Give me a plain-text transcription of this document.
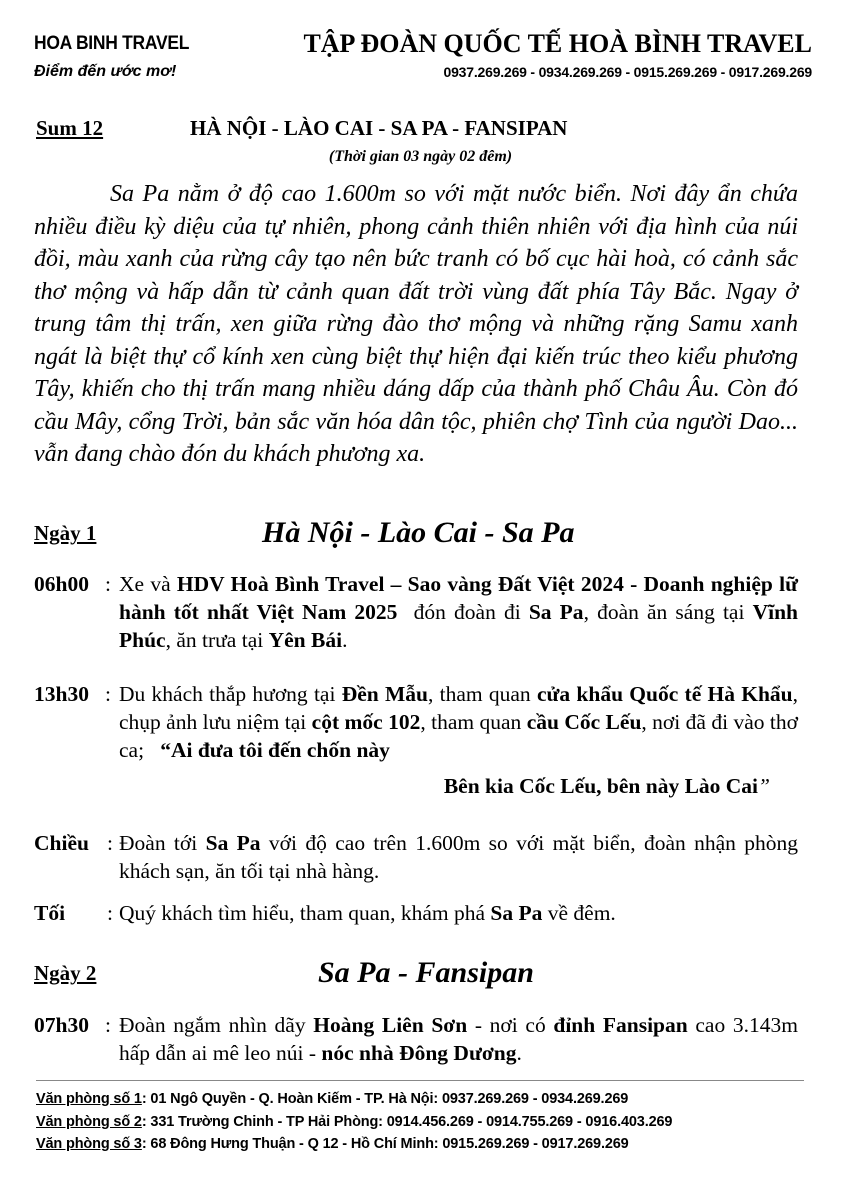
HOA BINH TRAVEL
Điểm đến ước mơ!
TẬP ĐOÀN QUỐC TẾ HOÀ BÌNH TRAVEL
0937.269.269 - 0934.269.269 - 0915.269.269 - 0917.269.269
Sum 12	HÀ NỘI - LÀO CAI - SA PA - FANSIPAN
(Thời gian 03 ngày 02 đêm)
Sa Pa nằm ở độ cao 1.600m so với mặt nước biển. Nơi đây ẩn chứa nhiều điều kỳ diệu của tự nhiên, phong cảnh thiên nhiên với địa hình của núi đồi, màu xanh của rừng cây tạo nên bức tranh có bố cục hài hoà, có cảnh sắc thơ mộng và hấp dẫn từ cảnh quan đất trời vùng đất phía Tây Bắc. Ngay ở trung tâm thị trấn, xen giữa rừng đào thơ mộng và những rặng Samu xanh ngát là biệt thự cổ kính xen cùng biệt thự hiện đại kiến trúc theo kiểu phương Tây, khiến cho thị trấn mang nhiều dáng dấp của thành phố Châu Âu. Còn đó cầu Mây, cổng Trời, bản sắc văn hóa dân tộc, phiên chợ Tình của người Dao... vẫn đang chào đón du khách phương xa.
Ngày 1	Hà Nội - Lào Cai - Sa Pa
06h00 : Xe và HDV Hoà Bình Travel – Sao vàng Đất Việt 2024 - Doanh nghiệp lữ hành tốt nhất Việt Nam 2025  đón đoàn đi Sa Pa, đoàn ăn sáng tại Vĩnh Phúc, ăn trưa tại Yên Bái.
13h30 : Du khách thắp hương tại Đền Mẫu, tham quan cửa khẩu Quốc tế Hà Khẩu, chụp ảnh lưu niệm tại cột mốc 102, tham quan cầu Cốc Lếu, nơi đã đi vào thơ ca;   “Ai đưa tôi đến chốn này
Bên kia Cốc Lếu, bên này Lào Cai”
Chiều : Đoàn tới Sa Pa với độ cao trên 1.600m so với mặt biển, đoàn nhận phòng khách sạn, ăn tối tại nhà hàng.
Tối : Quý khách tìm hiểu, tham quan, khám phá Sa Pa về đêm.
Ngày 2	Sa Pa - Fansipan
07h30 : Đoàn ngắm nhìn dãy Hoàng Liên Sơn - nơi có đỉnh Fansipan cao 3.143m hấp dẫn ai mê leo núi - nóc nhà Đông Dương.
Văn phòng số 1: 01 Ngô Quyền - Q. Hoàn Kiếm - TP. Hà Nội: 0937.269.269 - 0934.269.269
Văn phòng số 2: 331 Trường Chinh - TP Hải Phòng: 0914.456.269 - 0914.755.269 - 0916.403.269
Văn phòng số 3: 68 Đông Hưng Thuận - Q 12 - Hồ Chí Minh: 0915.269.269 - 0917.269.269
